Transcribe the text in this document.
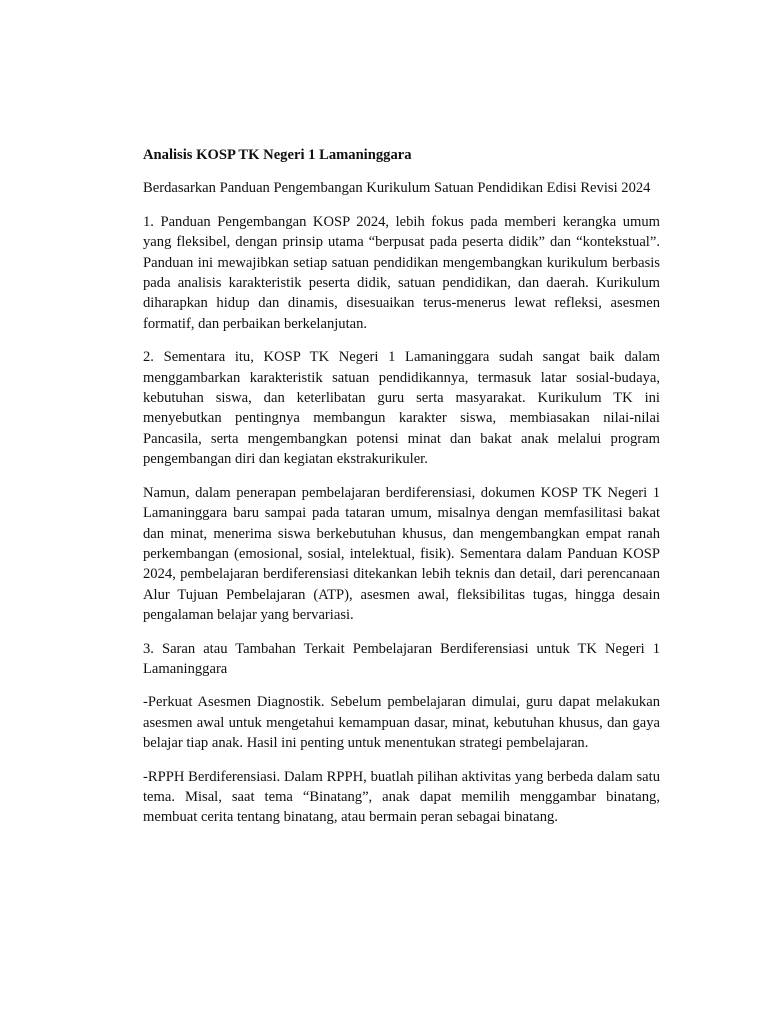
Analisis KOSP TK Negeri 1 Lamaninggara

Berdasarkan Panduan Pengembangan Kurikulum Satuan Pendidikan Edisi Revisi 2024

1. Panduan Pengembangan KOSP 2024, lebih fokus pada memberi kerangka umum yang fleksibel, dengan prinsip utama “berpusat pada peserta didik” dan “kontekstual”. Panduan ini mewajibkan setiap satuan pendidikan mengembangkan kurikulum berbasis pada analisis karakteristik peserta didik, satuan pendidikan, dan daerah. Kurikulum diharapkan hidup dan dinamis, disesuaikan terus-menerus lewat refleksi, asesmen formatif, dan perbaikan berkelanjutan.

2. Sementara itu, KOSP TK Negeri 1 Lamaninggara sudah sangat baik dalam menggambarkan karakteristik satuan pendidikannya, termasuk latar sosial-budaya, kebutuhan siswa, dan keterlibatan guru serta masyarakat. Kurikulum TK ini menyebutkan pentingnya membangun karakter siswa, membiasakan nilai-nilai Pancasila, serta mengembangkan potensi minat dan bakat anak melalui program pengembangan diri dan kegiatan ekstrakurikuler.

Namun, dalam penerapan pembelajaran berdiferensiasi, dokumen KOSP TK Negeri 1 Lamaninggara baru sampai pada tataran umum, misalnya dengan memfasilitasi bakat dan minat, menerima siswa berkebutuhan khusus, dan mengembangkan empat ranah perkembangan (emosional, sosial, intelektual, fisik). Sementara dalam Panduan KOSP 2024, pembelajaran berdiferensiasi ditekankan lebih teknis dan detail, dari perencanaan Alur Tujuan Pembelajaran (ATP), asesmen awal, fleksibilitas tugas, hingga desain pengalaman belajar yang bervariasi.

3. Saran atau Tambahan Terkait Pembelajaran Berdiferensiasi untuk TK Negeri 1 Lamaninggara

-Perkuat Asesmen Diagnostik. Sebelum pembelajaran dimulai, guru dapat melakukan asesmen awal untuk mengetahui kemampuan dasar, minat, kebutuhan khusus, dan gaya belajar tiap anak. Hasil ini penting untuk menentukan strategi pembelajaran.

-RPPH Berdiferensiasi. Dalam RPPH, buatlah pilihan aktivitas yang berbeda dalam satu tema. Misal, saat tema “Binatang”, anak dapat memilih menggambar binatang, membuat cerita tentang binatang, atau bermain peran sebagai binatang.
